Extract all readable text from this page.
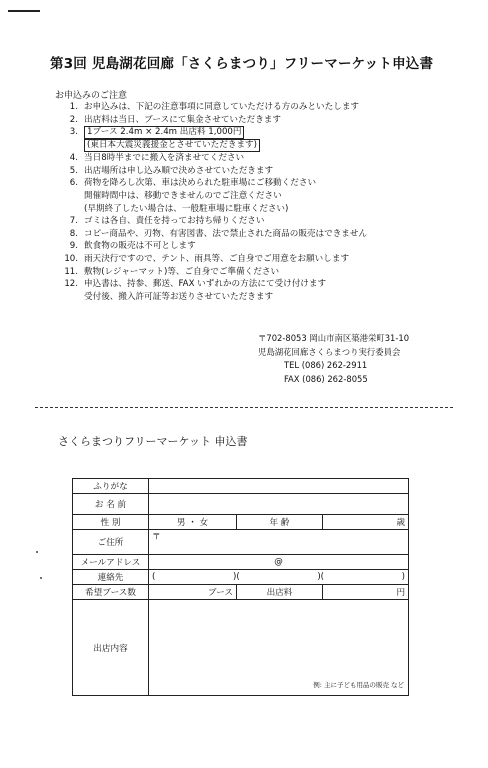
第3回 児島湖花回廊「さくらまつり」フリーマーケット申込書
お申込みのご注意
1. お申込みは、下記の注意事項に同意していただける方のみといたします
2. 出店料は当日、ブースにて集金させていただきます
3.	1ブース 2.4m × 2.4m 出店料 1,000円
(東日本大震災義援金とさせていただきます)
4. 当日8時半までに搬入を済ませてください
5. 出店場所は申し込み順で決めさせていただきます
6. 荷物を降ろし次第、車は決められた駐車場にご移動ください
開催時間中は、移動できませんのでご注意ください
(早期終了したい場合は、一般駐車場に駐車ください)
7. ゴミは各自、責任を持ってお持ち帰りください
8. コピー商品や、刃物、有害図書、法で禁止された商品の販売はできません
9. 飲食物の販売は不可とします
10. 雨天決行ですので、テント、雨具等、ご自身でご用意をお願いします
11. 敷物(レジャーマット)等、ご自身でご準備ください
12. 申込書は、持参、郵送、FAX いずれかの方法にて受け付けます
受付後、搬入許可証等お送りさせていただきます
〒702-8053 岡山市南区築港栄町31-10
児島湖花回廊さくらまつり実行委員会
TEL (086) 262-2911
FAX (086) 262-8055
さくらまつりフリーマーケット 申込書
ふりがな			
お 名 前			
性 別	男 ・ 女	年 齢	歳
ご住所	〒		
メールアドレス	@		
連絡先	( )( )( )		

希望ブース数	ブース	出店料	円
出店内容	例: 主に子ども用品の販売 など		
